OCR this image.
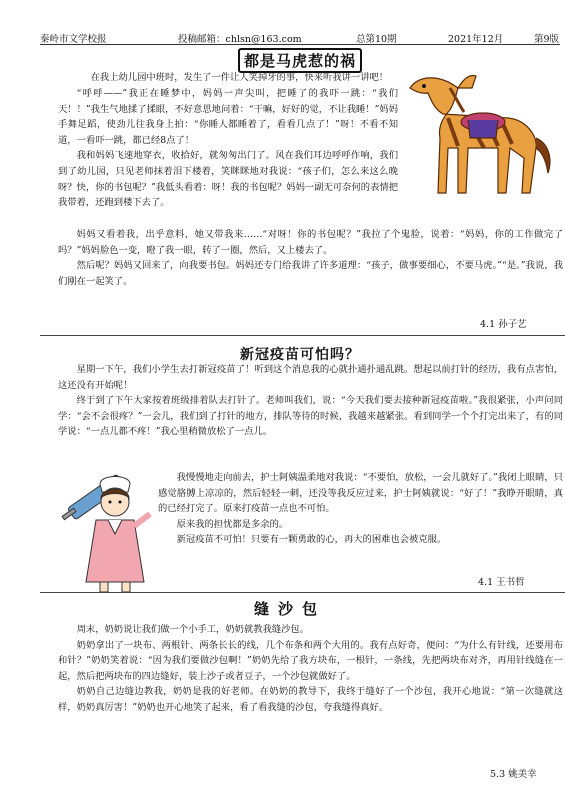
秦岭市文学校报	投稿邮箱：chlsn@163.com	总第10期	2021年12月	第9版
都是马虎惹的祸

在我上幼儿园中班时，发生了一件让人笑掉牙的事，快来听我讲一讲吧！

“呼呼——”我正在睡梦中，妈妈一声尖叫，把睡了的我吓一跳：“我们天！！”我生气地揉了揉眼，不好意思地问着：“干嘛，好好的觉，不让我睡！”妈妈手舞足蹈，使劲儿往我身上拍：“你睡人都睡着了，看看几点了！”呀！不看不知道，一看吓一跳，都已经8点了！

我和妈妈飞速地穿衣，收拾好，就匆匆出门了。风在我们耳边呼呼作响，我们到了幼儿园，只见老师抹着泪下楼着，笑眯眯地对我说：“孩子们，怎么来这么晚呀？快，你的书包呢？”我低头看着：呀！我的书包呢？妈妈一副无可奈何的表情把我带着，还跑到楼下去了。

妈妈又看着我，出乎意料，她又带我来……“对呀！你的书包呢？”我拉了个鬼脸，说着：“妈妈，你的工作做完了吗？”妈妈脸色一变，瞪了我一眼，转了一圈，然后，又上楼去了。

然后呢？妈妈又回来了，向我要书包。妈妈还专门给我讲了许多道理：“孩子，做事要细心，不要马虎。”“是。”我说，我们刚在一起笑了。

4.1 孙子艺
新冠疫苗可怕吗？

星期一下午，我们小学生去打新冠疫苗了！听到这个消息我的心就扑通扑通乱跳。想起以前打针的经历，我有点害怕，这还没有开始呢！

终于到了下午大家按着班级排着队去打针了。老师叫我们，说：“今天我们要去接种新冠疫苗啦。”我很紧张，小声问同学：“会不会很疼？”一会儿，我们到了打针的地方，排队等待的时候，我越来越紧张。看到同学一个个打完出来了，有的同学说：“一点儿都不疼！”我心里稍微放松了一点儿。

我慢慢地走向前去，护士阿姨温柔地对我说：“不要怕，放松，一会儿就好了。”我闭上眼睛，只感觉胳膊上凉凉的，然后轻轻一刺，还没等我反应过来，护士阿姨就说：“好了！”我睁开眼睛，真的已经打完了。原来打疫苗一点也不可怕。

原来我的担忧都是多余的。

新冠疫苗不可怕！只要有一颗勇敢的心，再大的困难也会被克服。

4.1 王书哲
缝沙包

周末，奶奶说让我们做一个小手工，奶奶就教我缝沙包。

奶奶拿出了一块布、两根针、两条长长的线，几个布条和两个大用的。我有点好奇，便问：“为什么有针线，还要用布和针？”奶奶笑着说：“因为我们要做沙包啊！”奶奶先给了我方块布，一根针，一条线，先把两块布对齐，再用针线缝在一起，然后把两块布的四边缝好，装上沙子或者豆子，一个沙包就做好了。

奶奶自己边缝边教我，奶奶是我的好老师。在奶奶的教导下，我终于缝好了一个沙包，我开心地说：“第一次缝就这样，奶奶真厉害！”奶奶也开心地笑了起来，看了看我缝的沙包，夸我缝得真好。

5.3 姚美幸
